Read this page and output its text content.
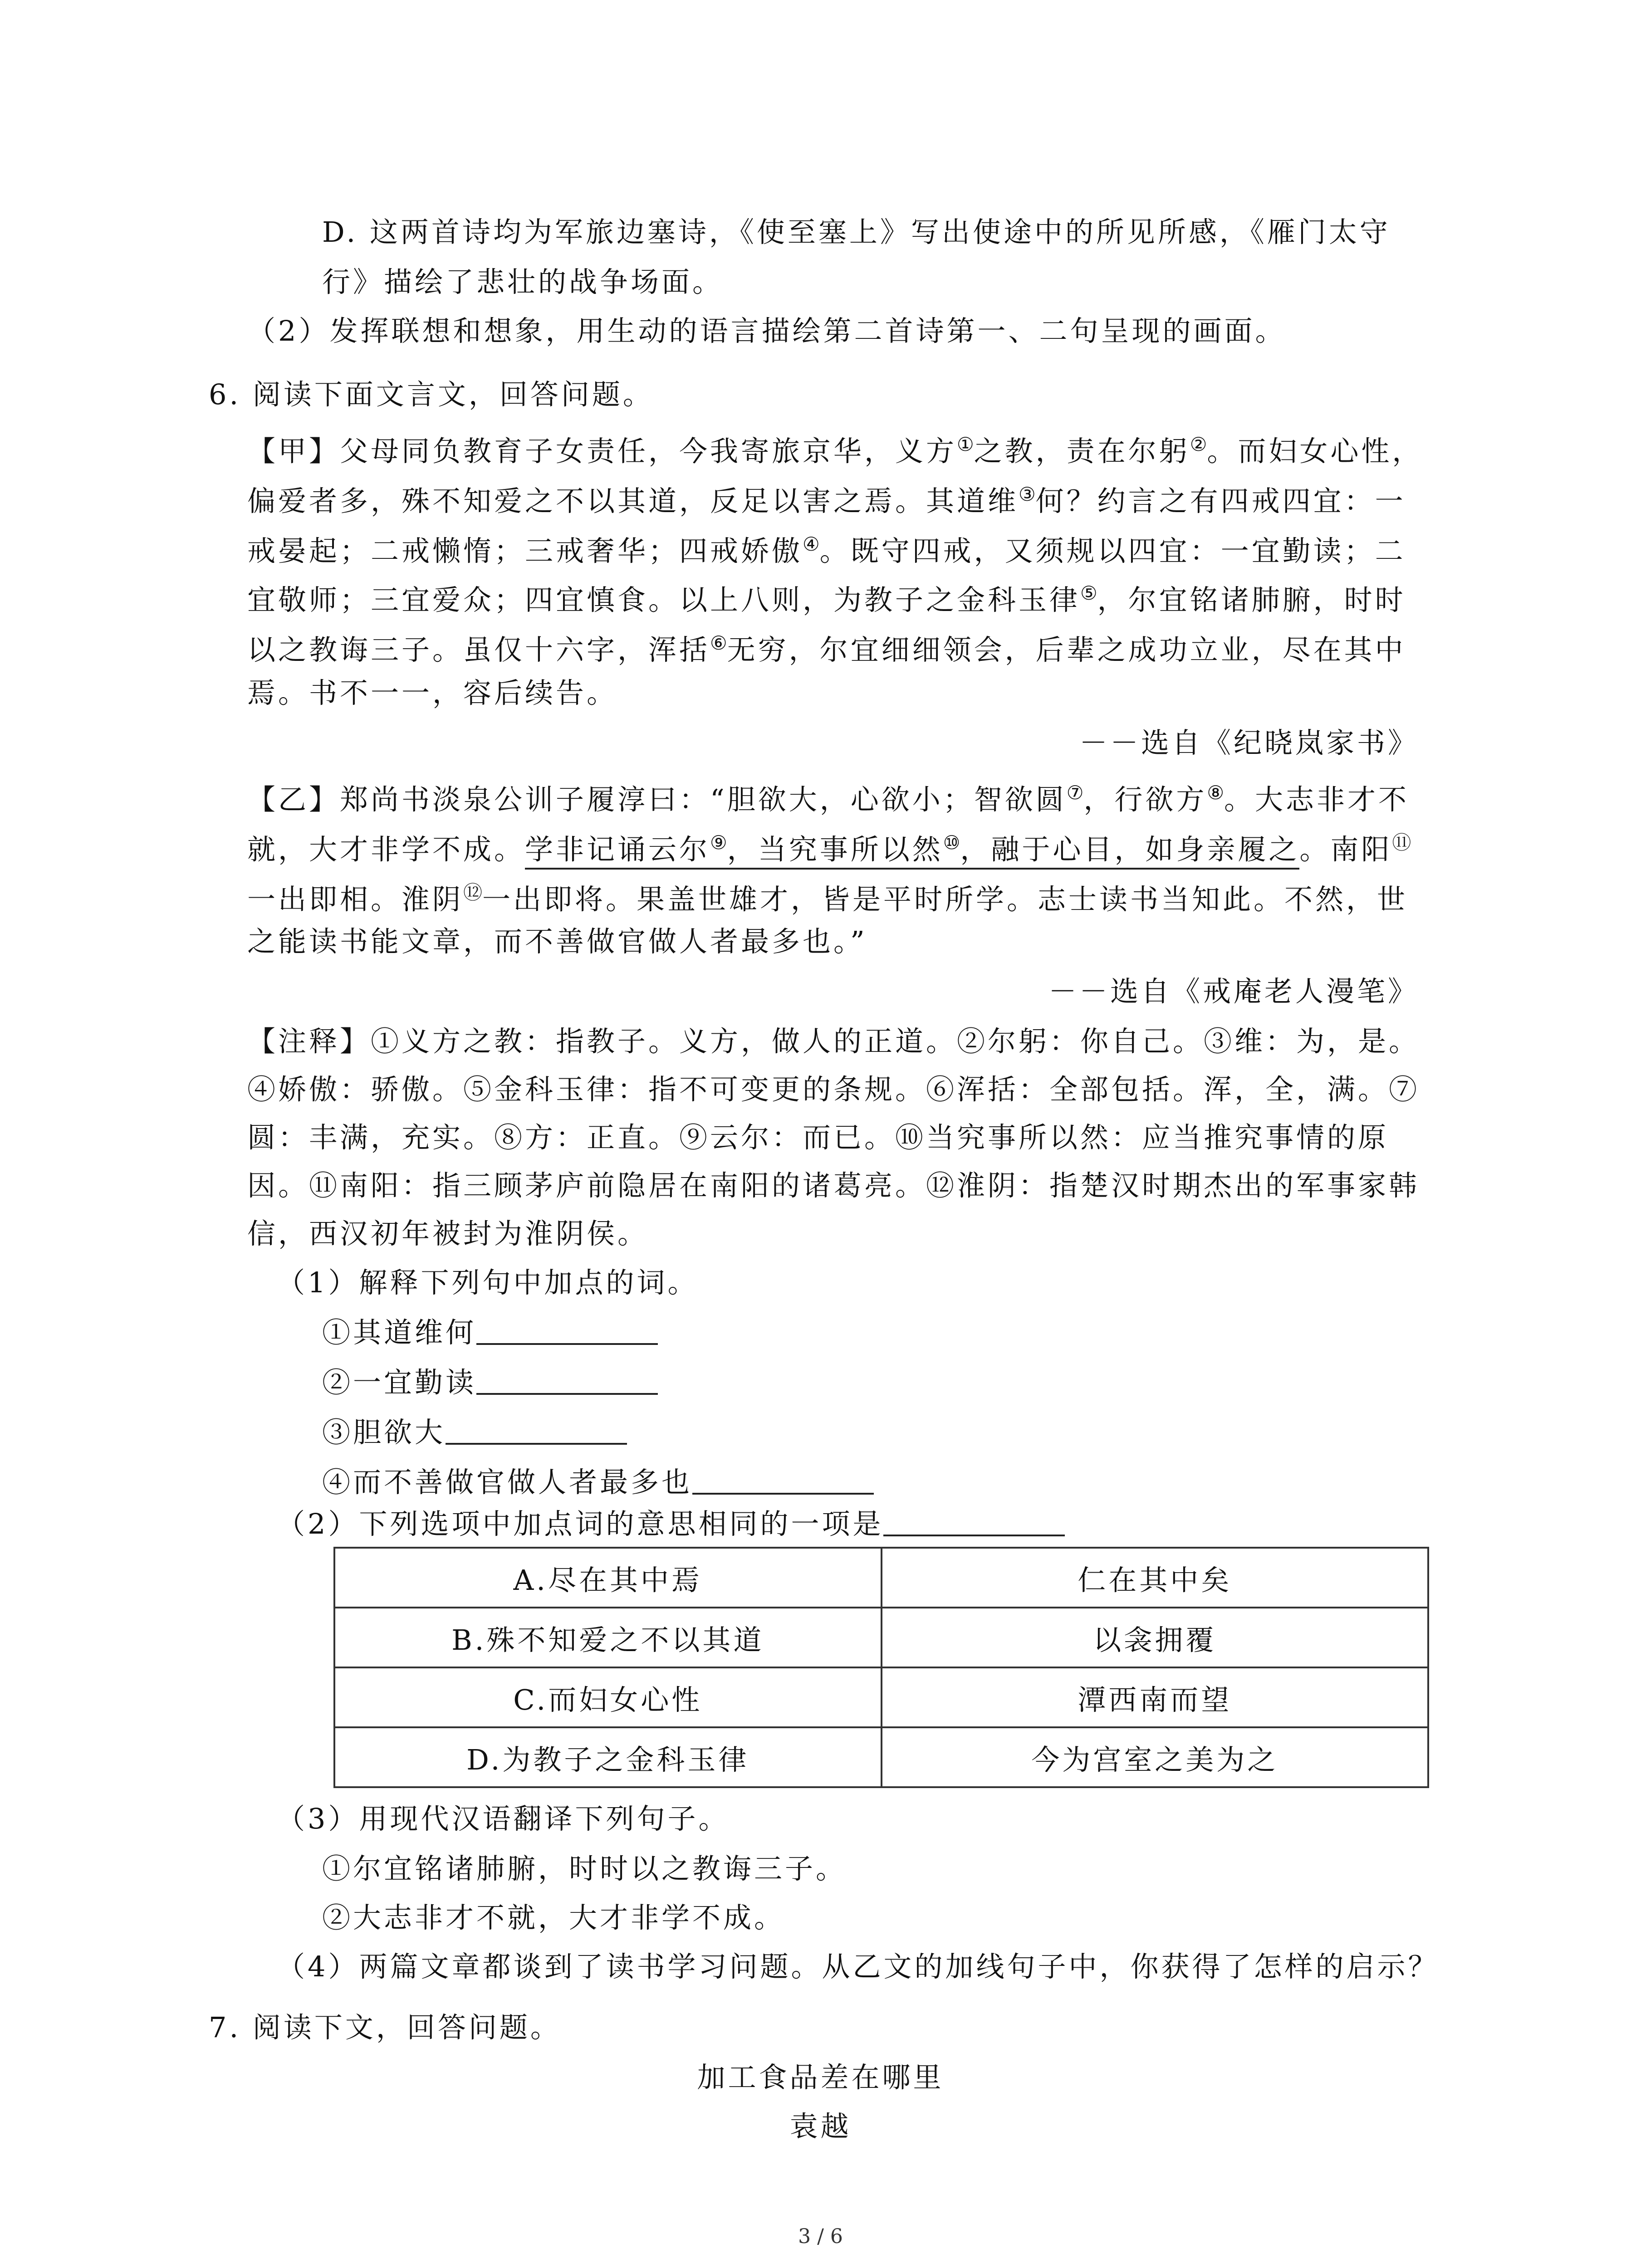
D. 这两首诗均为军旅边塞诗，《使至塞上》写出使途中的所见所感，《雁门太守
行》描绘了悲壮的战争场面。
（2）发挥联想和想象，用生动的语言描绘第二首诗第一、二句呈现的画面。
6. 阅读下面文言文，回答问题。
【甲】父母同负教育子女责任，今我寄旅京华，义方①之教，责在尔躬②。而妇女心性，
偏爱者多，殊不知爱之不以其道，反足以害之焉。其道维③何？约言之有四戒四宜：一
戒晏起；二戒懒惰；三戒奢华；四戒娇傲④。既守四戒，又须规以四宜：一宜勤读；二
宜敬师；三宜爱众；四宜慎食。以上八则，为教子之金科玉律⑤，尔宜铭诸肺腑，时时
以之教诲三子。虽仅十六字，浑括⑥无穷，尔宜细细领会，后辈之成功立业，尽在其中
焉。书不一一，容后续告。
－－选自《纪晓岚家书》
【乙】郑尚书淡泉公训子履淳曰：“胆欲大，心欲小；智欲圆⑦，行欲方⑧。大志非才不
就，大才非学不成。学非记诵云尔⑨，当究事所以然⑩，融于心目，如身亲履之。南阳⑪
一出即相。淮阴⑫一出即将。果盖世雄才，皆是平时所学。志士读书当知此。不然，世
之能读书能文章，而不善做官做人者最多也。”
－－选自《戒庵老人漫笔》
【注释】①义方之教：指教子。义方，做人的正道。②尔躬：你自己。③维：为，是。
④娇傲：骄傲。⑤金科玉律：指不可变更的条规。⑥浑括：全部包括。浑，全，满。⑦
圆：丰满，充实。⑧方：正直。⑨云尔：而已。⑩当究事所以然：应当推究事情的原
因。⑪南阳：指三顾茅庐前隐居在南阳的诸葛亮。⑫淮阴：指楚汉时期杰出的军事家韩
信，西汉初年被封为淮阴侯。
（1）解释下列句中加点的词。
①其道维何
②一宜勤读
③胆欲大
④而不善做官做人者最多也
（2）下列选项中加点词的意思相同的一项是
A.尽在其中焉	仁在其中矣
B.殊不知爱之不以其道	以衾拥覆
C.而妇女心性	潭西南而望
D.为教子之金科玉律	今为宫室之美为之
（3）用现代汉语翻译下列句子。
①尔宜铭诸肺腑，时时以之教诲三子。
②大志非才不就，大才非学不成。
（4）两篇文章都谈到了读书学习问题。从乙文的加线句子中，你获得了怎样的启示？
7. 阅读下文，回答问题。
加工食品差在哪里
袁越
3 / 6
